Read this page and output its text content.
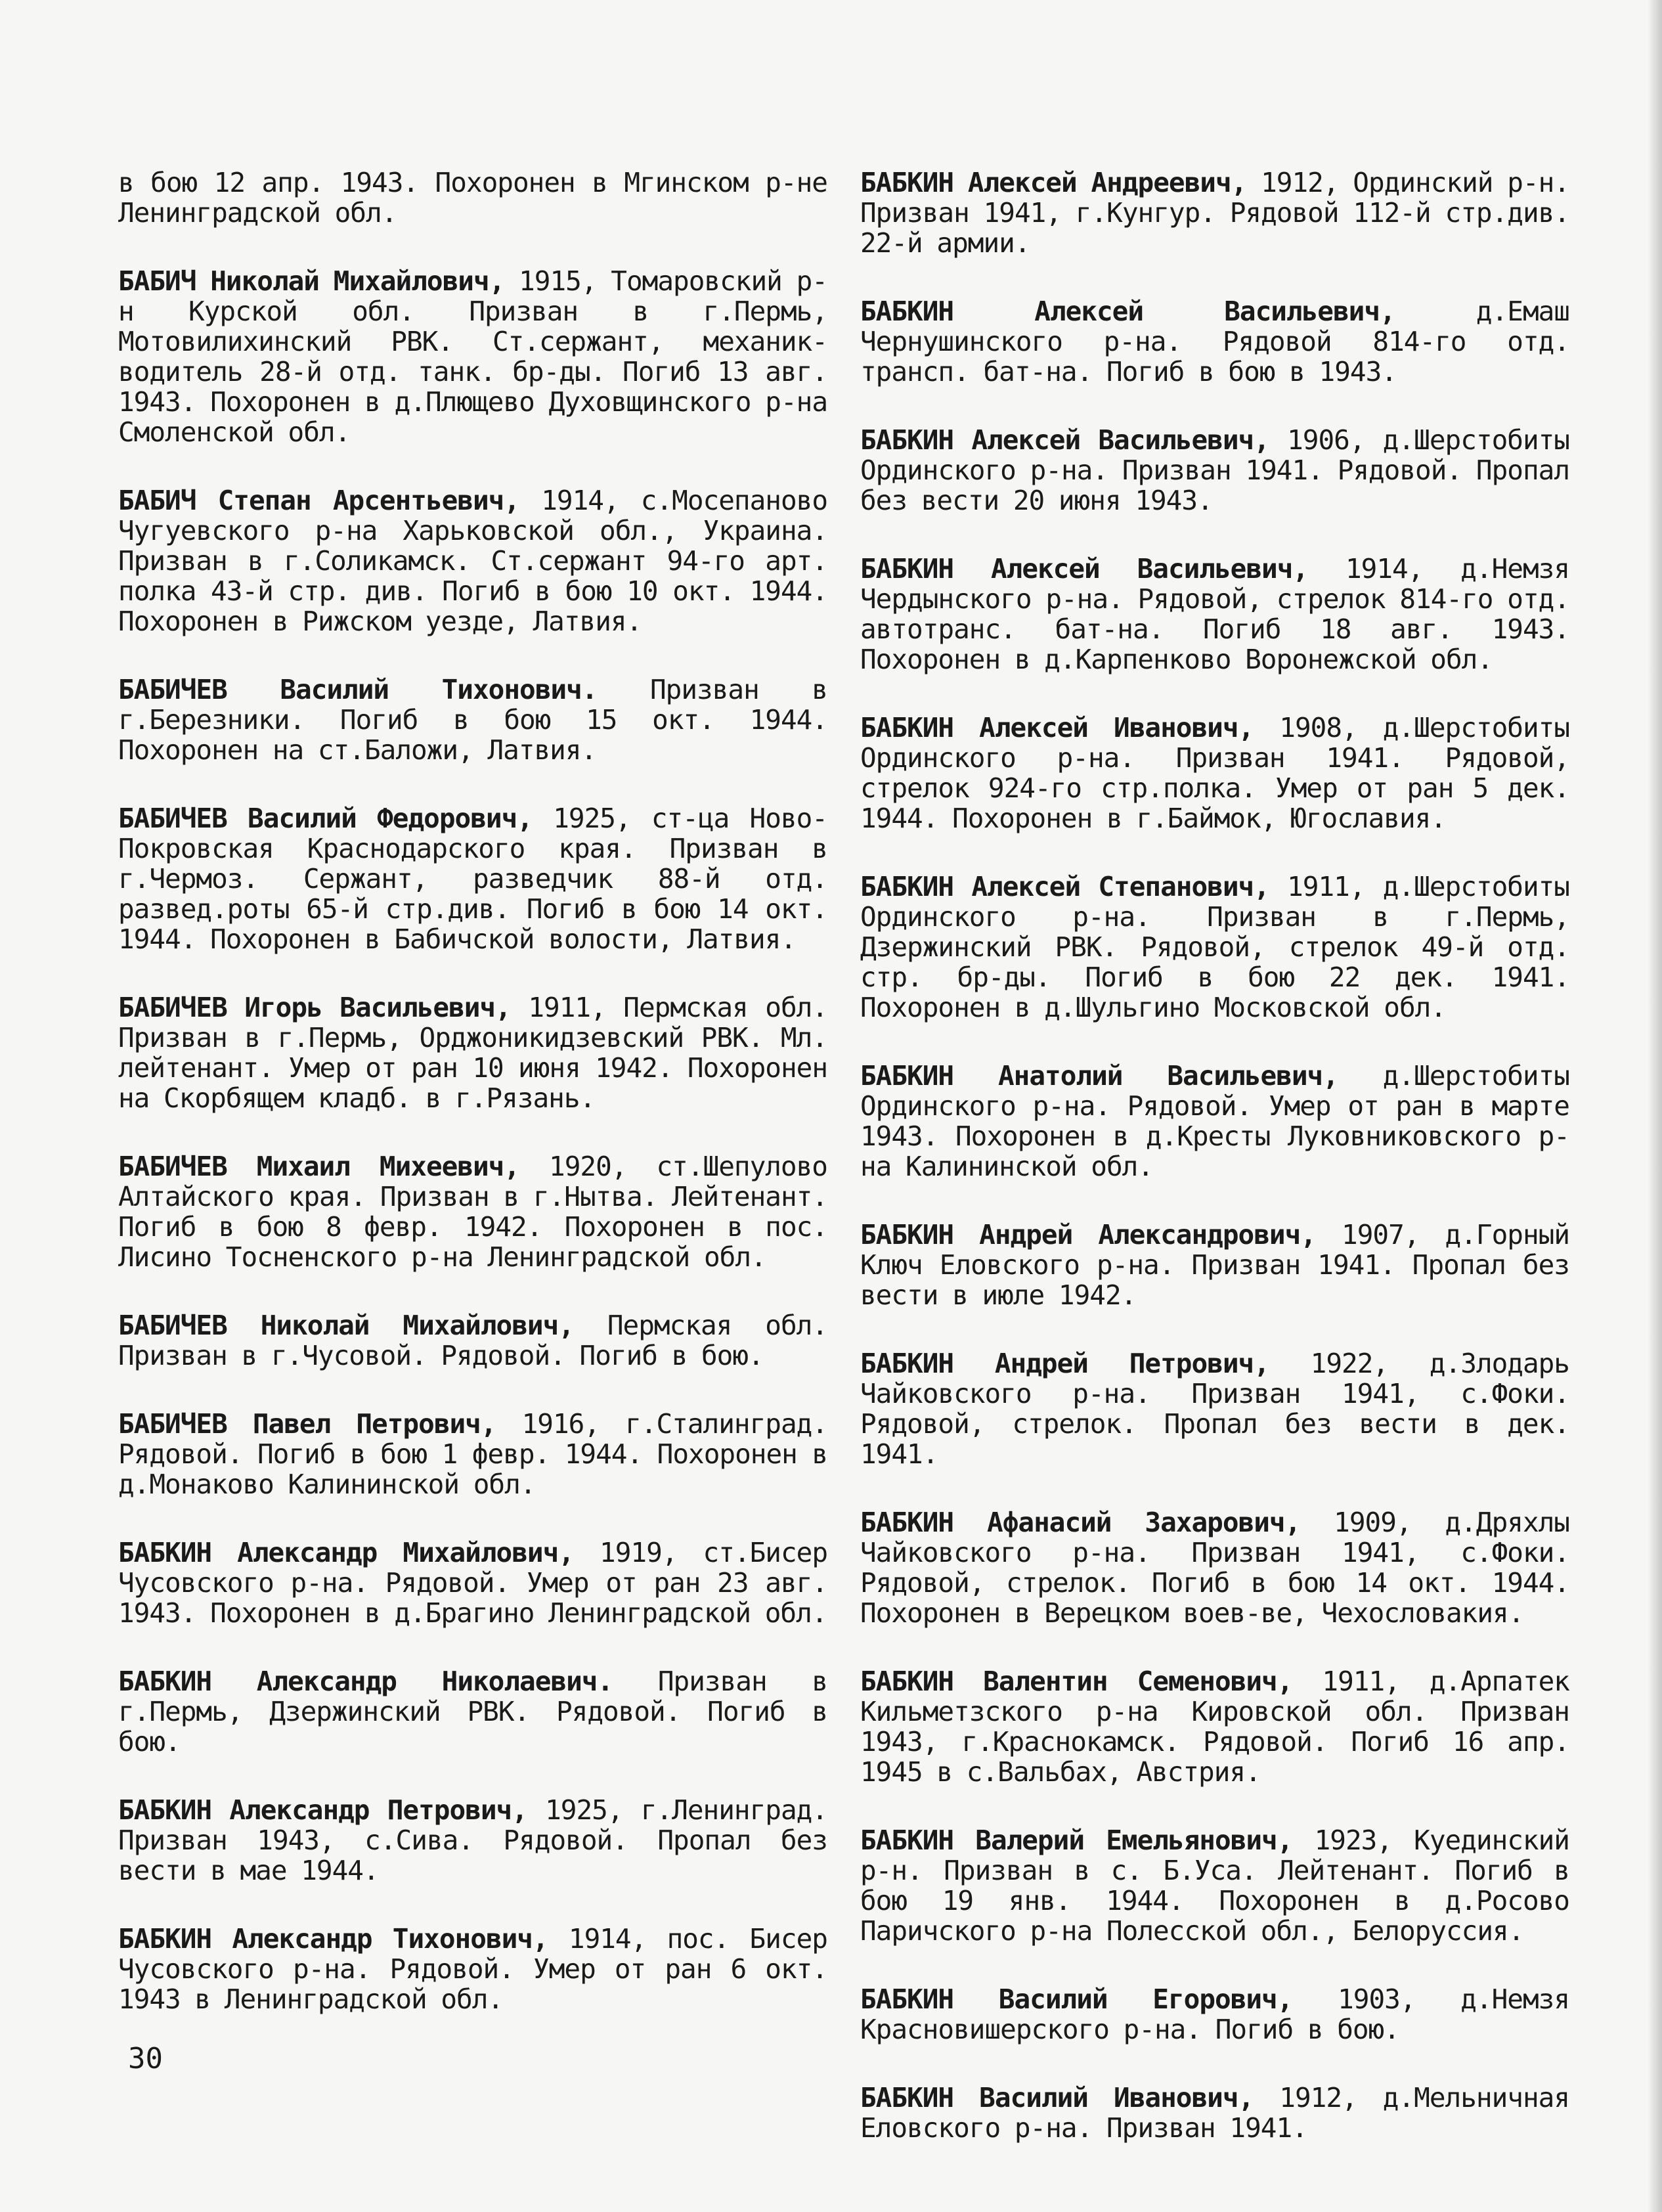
в бою 12 апр. 1943. Похоронен в Мгинском р-не Ленинградской обл.

БАБИЧ Николай Михайлович, 1915, Томаровский р-н Курской обл. Призван в г.Пермь, Мотовилихинский РВК. Ст.сержант, механик-водитель 28-й отд. танк. бр-ды. Погиб 13 авг. 1943. Похоронен в д.Плющево Духовщинского р-на Смоленской обл.

БАБИЧ Степан Арсентьевич, 1914, с.Мосепаново Чугуевского р-на Харьковской обл., Украина. Призван в г.Соликамск. Ст.сержант 94-го арт. полка 43-й стр. див. Погиб в бою 10 окт. 1944. Похоронен в Рижском уезде, Латвия.

БАБИЧЕВ Василий Тихонович. Призван в г.Березники. Погиб в бою 15 окт. 1944. Похоронен на ст.Баложи, Латвия.

БАБИЧЕВ Василий Федорович, 1925, ст-ца Ново-Покровская Краснодарского края. Призван в г.Чермоз. Сержант, разведчик 88-й отд. развед.роты 65-й стр.див. Погиб в бою 14 окт. 1944. Похоронен в Бабичской волости, Латвия.

БАБИЧЕВ Игорь Васильевич, 1911, Пермская обл. Призван в г.Пермь, Орджоникидзевский РВК. Мл. лейтенант. Умер от ран 10 июня 1942. Похоронен на Скорбящем кладб. в г.Рязань.

БАБИЧЕВ Михаил Михеевич, 1920, ст.Шепулово Алтайского края. Призван в г.Нытва. Лейтенант. Погиб в бою 8 февр. 1942. Похоронен в пос. Лисино Тосненского р-на Ленинградской обл.

БАБИЧЕВ Николай Михайлович, Пермская обл. Призван в г.Чусовой. Рядовой. Погиб в бою.

БАБИЧЕВ Павел Петрович, 1916, г.Сталинград. Рядовой. Погиб в бою 1 февр. 1944. Похоронен в д.Монаково Калининской обл.

БАБКИН Александр Михайлович, 1919, ст.Бисер Чусовского р-на. Рядовой. Умер от ран 23 авг. 1943. Похоронен в д.Брагино Ленинградской обл.

БАБКИН Александр Николаевич. Призван в г.Пермь, Дзержинский РВК. Рядовой. Погиб в бою.

БАБКИН Александр Петрович, 1925, г.Ленинград. Призван 1943, с.Сива. Рядовой. Пропал без вести в мае 1944.

БАБКИН Александр Тихонович, 1914, пос. Бисер Чусовского р-на. Рядовой. Умер от ран 6 окт. 1943 в Ленинградской обл.

БАБКИН Алексей Андреевич, 1912, Ординский р-н. Призван 1941, г.Кунгур. Рядовой 112-й стр.див. 22-й армии.

БАБКИН Алексей Васильевич, д.Емаш Чернушинского р-на. Рядовой 814-го отд. трансп. бат-на. Погиб в бою в 1943.

БАБКИН Алексей Васильевич, 1906, д.Шерстобиты Ординского р-на. Призван 1941. Рядовой. Пропал без вести 20 июня 1943.

БАБКИН Алексей Васильевич, 1914, д.Немзя Чердынского р-на. Рядовой, стрелок 814-го отд. автотранс. бат-на. Погиб 18 авг. 1943. Похоронен в д.Карпенково Воронежской обл.

БАБКИН Алексей Иванович, 1908, д.Шерстобиты Ординского р-на. Призван 1941. Рядовой, стрелок 924-го стр.полка. Умер от ран 5 дек. 1944. Похоронен в г.Баймок, Югославия.

БАБКИН Алексей Степанович, 1911, д.Шерстобиты Ординского р-на. Призван в г.Пермь, Дзержинский РВК. Рядовой, стрелок 49-й отд. стр. бр-ды. Погиб в бою 22 дек. 1941. Похоронен в д.Шульгино Московской обл.

БАБКИН Анатолий Васильевич, д.Шерстобиты Ординского р-на. Рядовой. Умер от ран в марте 1943. Похоронен в д.Кресты Луковниковского р-на Калининской обл.

БАБКИН Андрей Александрович, 1907, д.Горный Ключ Еловского р-на. Призван 1941. Пропал без вести в июле 1942.

БАБКИН Андрей Петрович, 1922, д.Злодарь Чайковского р-на. Призван 1941, с.Фоки. Рядовой, стрелок. Пропал без вести в дек. 1941.

БАБКИН Афанасий Захарович, 1909, д.Дряхлы Чайковского р-на. Призван 1941, с.Фоки. Рядовой, стрелок. Погиб в бою 14 окт. 1944. Похоронен в Верецком воев-ве, Чехословакия.

БАБКИН Валентин Семенович, 1911, д.Арпатек Кильметзского р-на Кировской обл. Призван 1943, г.Краснокамск. Рядовой. Погиб 16 апр. 1945 в с.Вальбах, Австрия.

БАБКИН Валерий Емельянович, 1923, Куединский р-н. Призван в с. Б.Уса. Лейтенант. Погиб в бою 19 янв. 1944. Похоронен в д.Росово Паричского р-на Полесской обл., Белоруссия.

БАБКИН Василий Егорович, 1903, д.Немзя Красновишерского р-на. Погиб в бою.

БАБКИН Василий Иванович, 1912, д.Мельничная Еловского р-на. Призван 1941.

30
